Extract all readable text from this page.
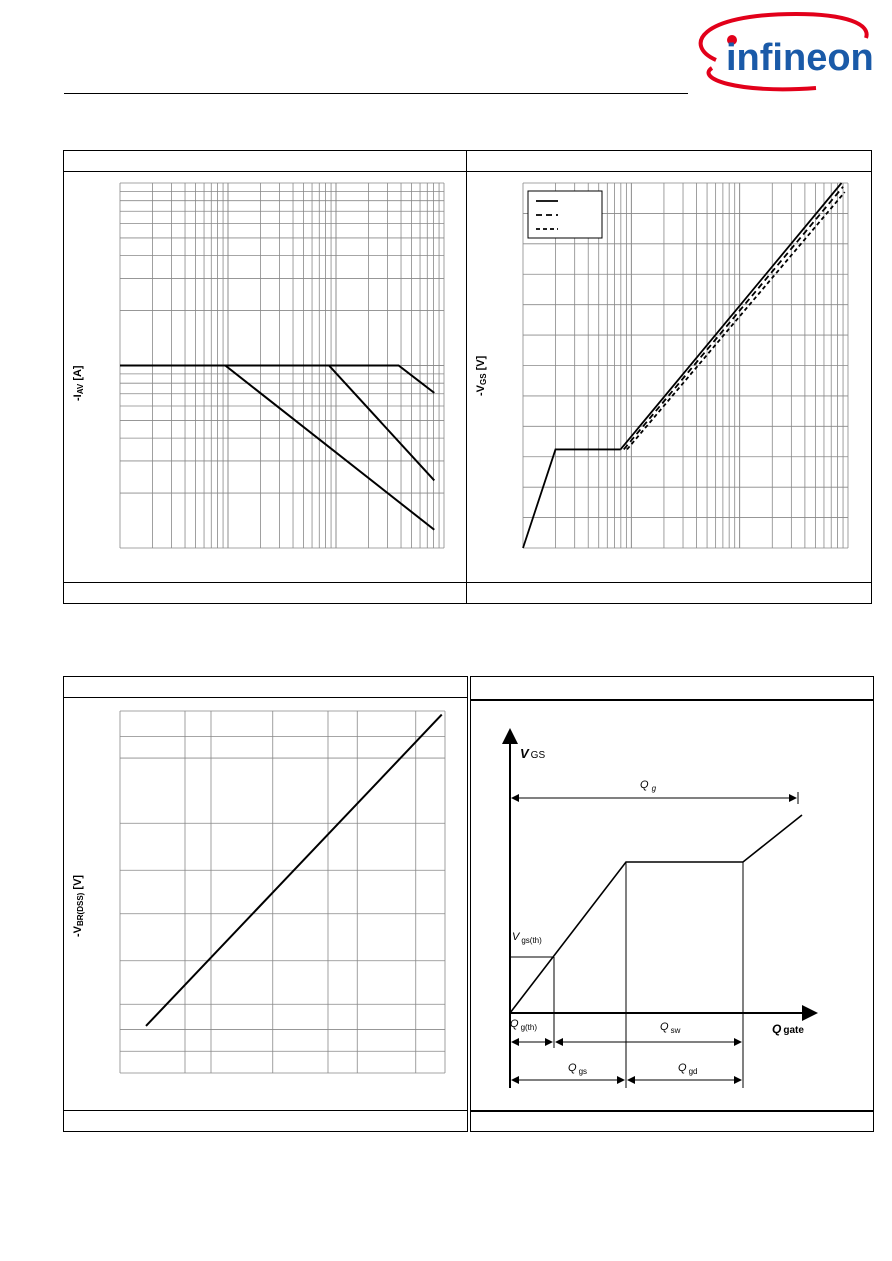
infineon
-IAV [A]
-VGS [V]
-VBR(DSS) [V]
V GS
Q $_g$
V $_{gs(th)}$
Q $_{g(th)}$	Q $_{sw}$	Q gate
Q $_{gs}$	Q $_{gd}$
